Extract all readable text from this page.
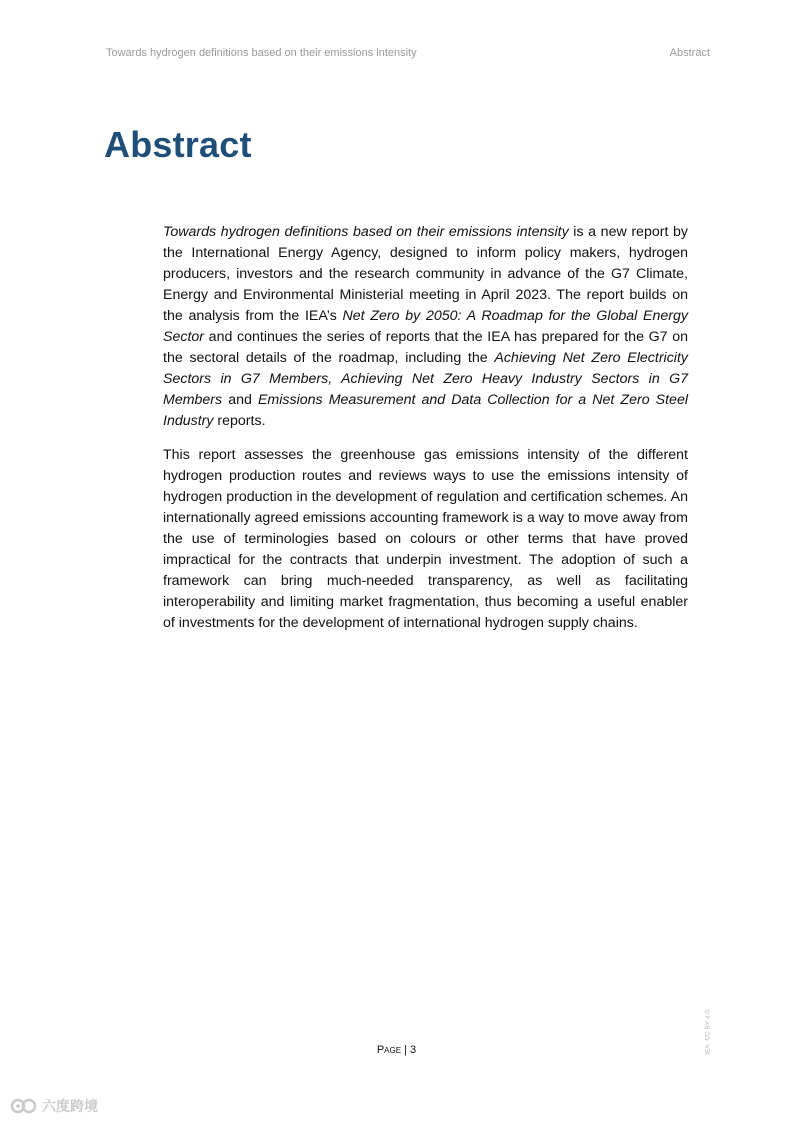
Towards hydrogen definitions based on their emissions intensity	Abstract
Abstract

Towards hydrogen definitions based on their emissions intensity is a new report by the International Energy Agency, designed to inform policy makers, hydrogen producers, investors and the research community in advance of the G7 Climate, Energy and Environmental Ministerial meeting in April 2023. The report builds on the analysis from the IEA’s Net Zero by 2050: A Roadmap for the Global Energy Sector and continues the series of reports that the IEA has prepared for the G7 on the sectoral details of the roadmap, including the Achieving Net Zero Electricity Sectors in G7 Members, Achieving Net Zero Heavy Industry Sectors in G7 Members and Emissions Measurement and Data Collection for a Net Zero Steel Industry reports.

This report assesses the greenhouse gas emissions intensity of the different hydrogen production routes and reviews ways to use the emissions intensity of hydrogen production in the development of regulation and certification schemes. An internationally agreed emissions accounting framework is a way to move away from the use of terminologies based on colours or other terms that have proved impractical for the contracts that underpin investment. The adoption of such a framework can bring much-needed transparency, as well as facilitating interoperability and limiting market fragmentation, thus becoming a useful enabler of investments for the development of international hydrogen supply chains.

IEA. CC BY 4.0.
Page | 3
六度跨境
